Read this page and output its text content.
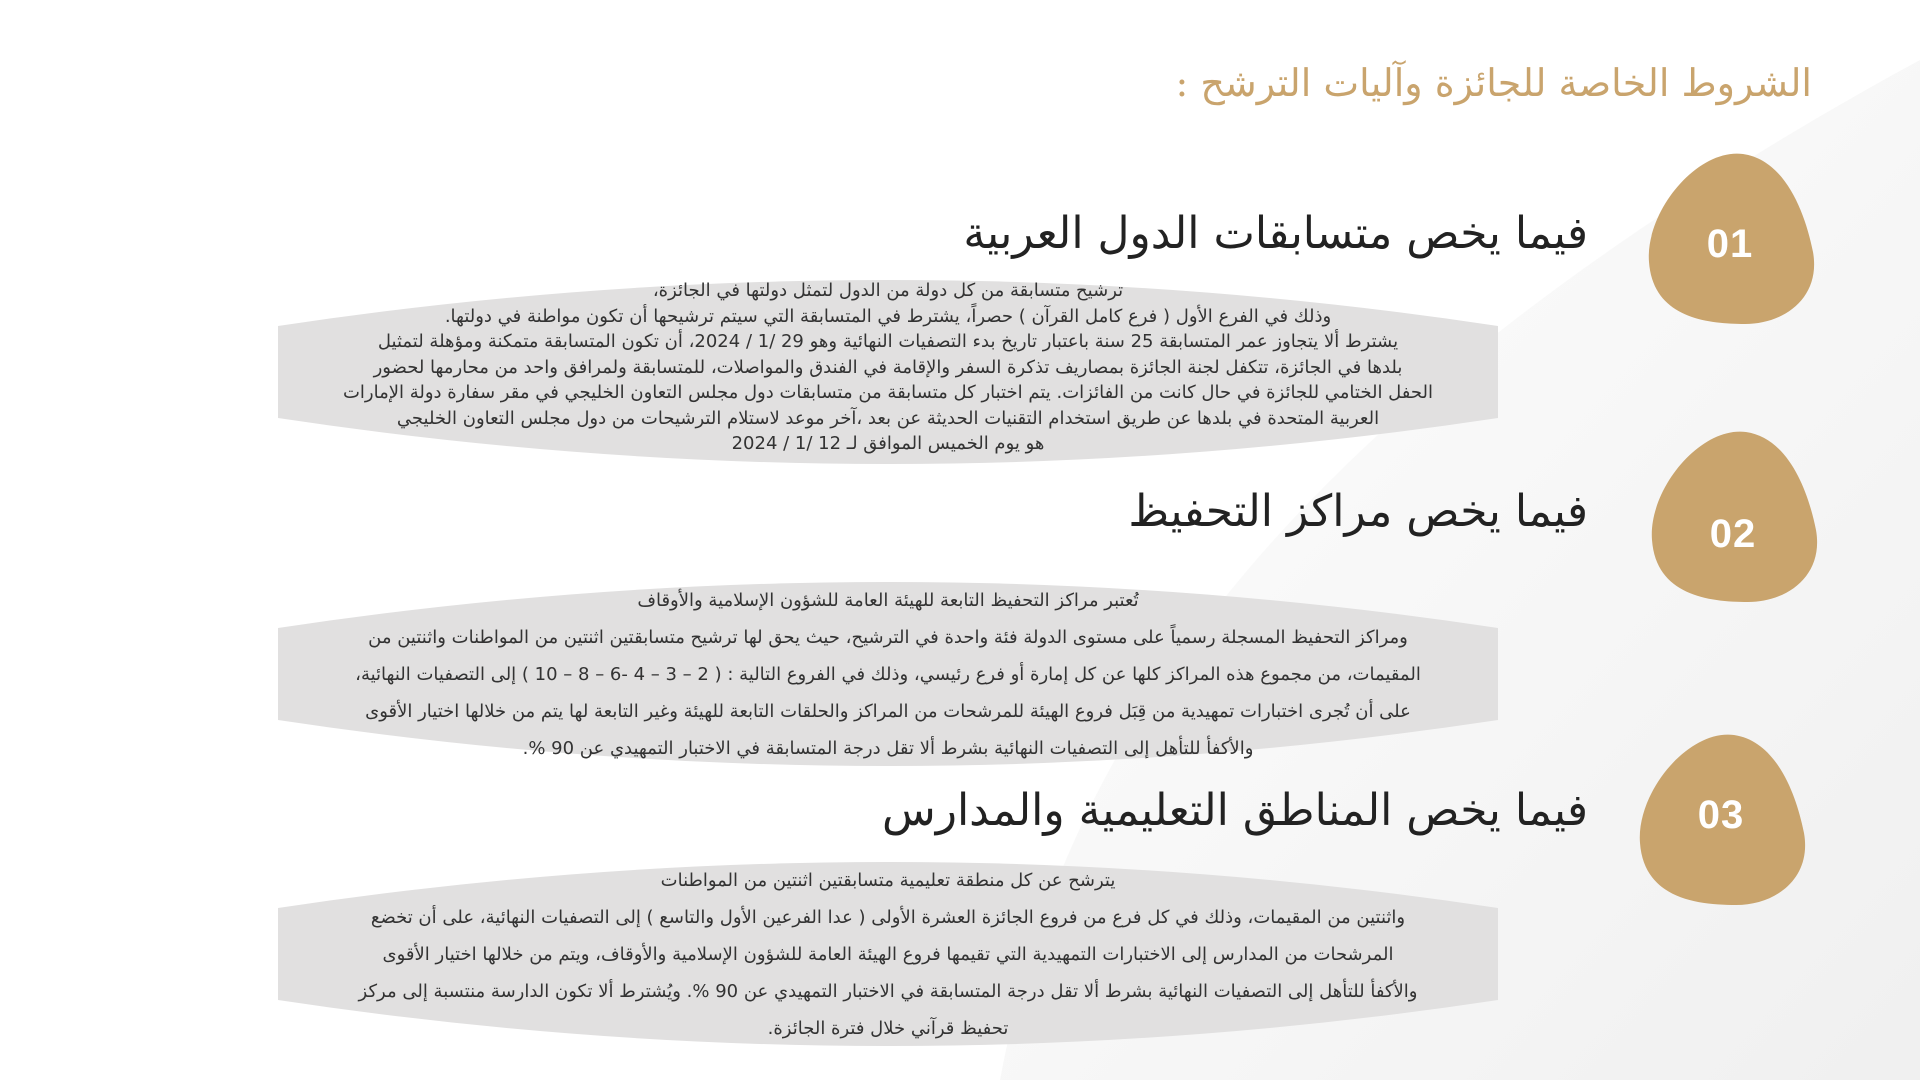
الشروط الخاصة للجائزة وآليات الترشح :
01
فيما يخص متسابقات الدول العربية
ترشيح متسابقة من كل دولة من الدول لتمثل دولتها في الجائزة،
وذلك في الفرع الأول ( فرع كامل القرآن ) حصراً، يشترط في المتسابقة التي سيتم ترشيحها أن تكون مواطنة في دولتها.
يشترط ألا يتجاوز عمر المتسابقة 25 سنة باعتبار تاريخ بدء التصفيات النهائية وهو 29 /1 / 2024، أن تكون المتسابقة متمكنة ومؤهلة لتمثيل
بلدها في الجائزة، تتكفل لجنة الجائزة بمصاريف تذكرة السفر والإقامة في الفندق والمواصلات، للمتسابقة ولمرافق واحد من محارمها لحضور
الحفل الختامي للجائزة في حال كانت من الفائزات. يتم اختبار كل متسابقة من متسابقات دول مجلس التعاون الخليجي في مقر سفارة دولة الإمارات
العربية المتحدة في بلدها عن طريق استخدام التقنيات الحديثة عن بعد ،آخر موعد لاستلام الترشيحات من دول مجلس التعاون الخليجي
هو يوم الخميس الموافق لـ 12 /1 / 2024
02
فيما يخص مراكز التحفيظ
تُعتبر مراكز التحفيظ التابعة للهيئة العامة للشؤون الإسلامية والأوقاف
ومراكز التحفيظ المسجلة رسمياً على مستوى الدولة فئة واحدة في الترشيح، حيث يحق لها ترشيح متسابقتين اثنتين من المواطنات واثنتين من
المقيمات، من مجموع هذه المراكز كلها عن كل إمارة أو فرع رئيسي، وذلك في الفروع التالية : ( 2 – 3 – 4 -6 – 8 – 10 ) إلى التصفيات النهائية،
على أن تُجرى اختبارات تمهيدية من قِبَل فروع الهيئة للمرشحات من المراكز والحلقات التابعة للهيئة وغير التابعة لها يتم من خلالها اختيار الأقوى
والأكفأ للتأهل إلى التصفيات النهائية بشرط ألا تقل درجة المتسابقة في الاختبار التمهيدي عن 90 %.
03
فيما يخص المناطق التعليمية والمدارس
يترشح عن كل منطقة تعليمية متسابقتين اثنتين من المواطنات
واثنتين من المقيمات، وذلك في كل فرع من فروع الجائزة العشرة الأولى ( عدا الفرعين الأول والتاسع ) إلى التصفيات النهائية، على أن تخضع
المرشحات من المدارس إلى الاختبارات التمهيدية التي تقيمها فروع الهيئة العامة للشؤون الإسلامية والأوقاف، ويتم من خلالها اختيار الأقوى
والأكفأ للتأهل إلى التصفيات النهائية بشرط ألا تقل درجة المتسابقة في الاختبار التمهيدي عن 90 %. ويُشترط ألا تكون الدارسة منتسبة إلى مركز
تحفيظ قرآني خلال فترة الجائزة.
